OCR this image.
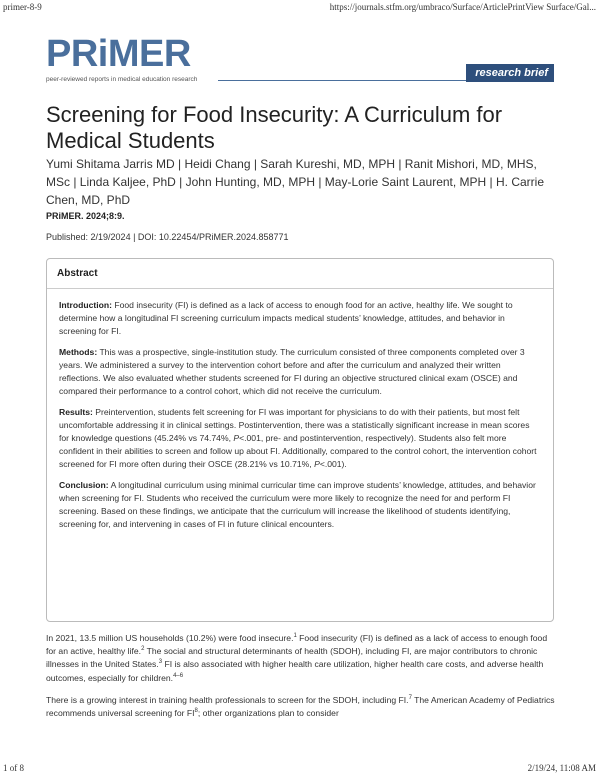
primer-8-9	https://journals.stfm.org/umbraco/Surface/ArticlePrintView Surface/Gal...
PRiMER
peer-reviewed reports in medical education research
research brief
Screening for Food Insecurity: A Curriculum for Medical Students
Yumi Shitama Jarris MD | Heidi Chang | Sarah Kureshi, MD, MPH | Ranit Mishori, MD, MHS, MSc | Linda Kaljee, PhD | John Hunting, MD, MPH | May-Lorie Saint Laurent, MPH | H. Carrie Chen, MD, PhD
PRiMER. 2024;8:9.
Published: 2/19/2024 | DOI: 10.22454/PRiMER.2024.858771
Abstract

Introduction: Food insecurity (FI) is defined as a lack of access to enough food for an active, healthy life. We sought to determine how a longitudinal FI screening curriculum impacts medical students’ knowledge, attitudes, and behavior in screening for FI.

Methods: This was a prospective, single-institution study. The curriculum consisted of three components completed over 3 years. We administered a survey to the intervention cohort before and after the curriculum and analyzed their written reflections. We also evaluated whether students screened for FI during an objective structured clinical exam (OSCE) and compared their performance to a control cohort, which did not receive the curriculum.

Results: Preintervention, students felt screening for FI was important for physicians to do with their patients, but most felt uncomfortable addressing it in clinical settings. Postintervention, there was a statistically significant increase in mean scores for knowledge questions (45.24% vs 74.74%, P<.001, pre- and postintervention, respectively). Students also felt more confident in their abilities to screen and follow up about FI. Additionally, compared to the control cohort, the intervention cohort screened for FI more often during their OSCE (28.21% vs 10.71%, P<.001).

Conclusion: A longitudinal curriculum using minimal curricular time can improve students’ knowledge, attitudes, and behavior when screening for FI. Students who received the curriculum were more likely to recognize the need for and perform FI screening. Based on these findings, we anticipate that the curriculum will increase the likelihood of students identifying, screening for, and intervening in cases of FI in future clinical encounters.

In 2021, 13.5 million US households (10.2%) were food insecure.$^1$ Food insecurity (FI) is defined as a lack of access to enough food for an active, healthy life.$^2$ The social and structural determinants of health (SDOH), including FI, are major contributors to chronic illnesses in the United States.$^3$ FI is also associated with higher health care utilization, higher health care costs, and adverse health outcomes, especially for children.$^{4-6}$

There is a growing interest in training health professionals to screen for the SDOH, including FI.$^7$ The American Academy of Pediatrics recommends universal screening for $FI^8$; other organizations plan to consider

1 of 8	2/19/24, 11:08 AM
